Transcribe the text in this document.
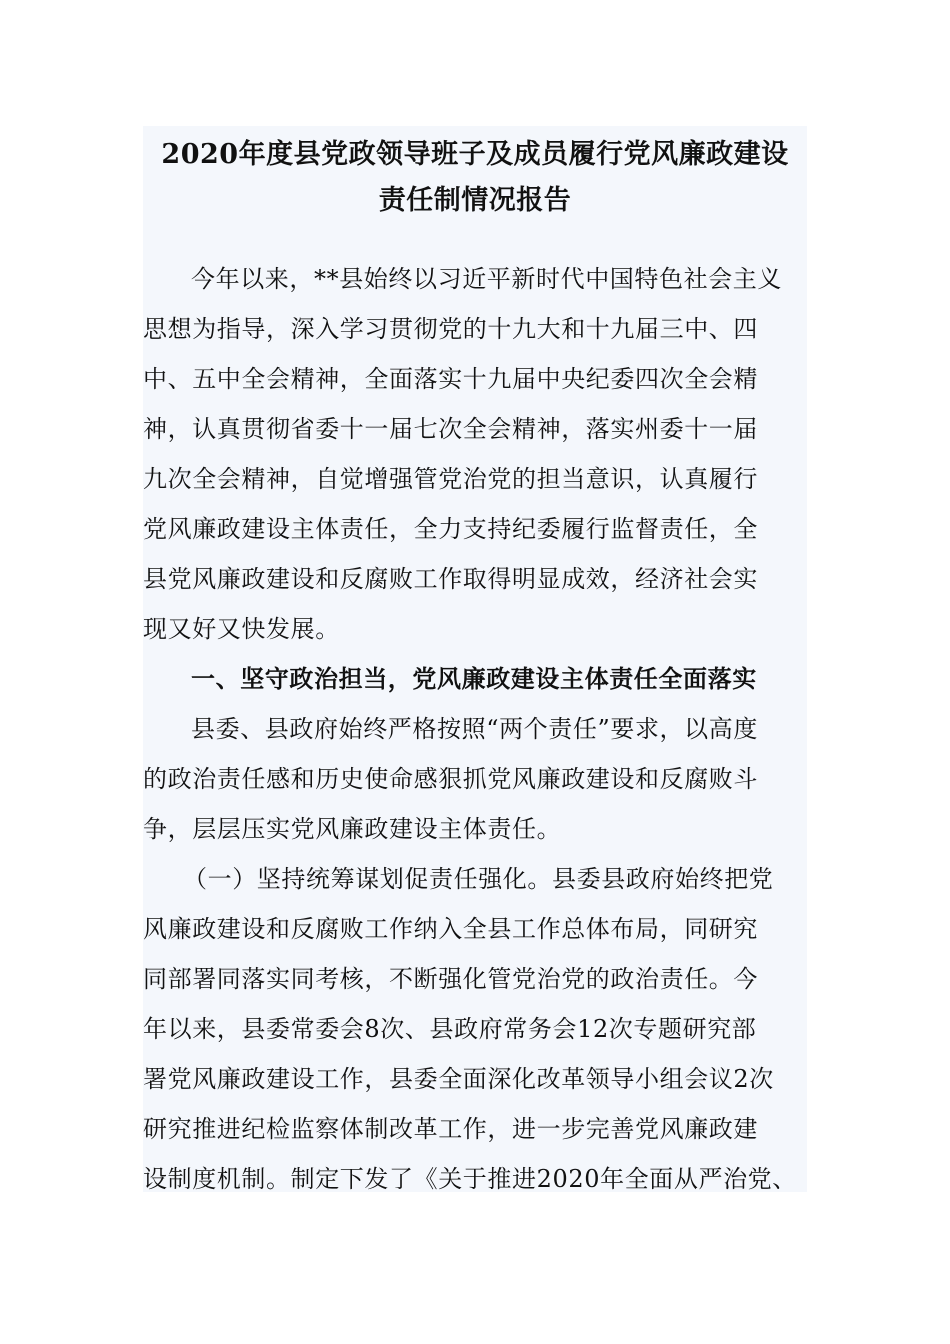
2020年度县党政领导班子及成员履行党风廉政建设
责任制情况报告
今年以来，**县始终以习近平新时代中国特色社会主义
思想为指导，深入学习贯彻党的十九大和十九届三中、四
中、五中全会精神，全面落实十九届中央纪委四次全会精
神，认真贯彻省委十一届七次全会精神，落实州委十一届
九次全会精神，自觉增强管党治党的担当意识，认真履行
党风廉政建设主体责任，全力支持纪委履行监督责任，全
县党风廉政建设和反腐败工作取得明显成效，经济社会实
现又好又快发展。
一、坚守政治担当，党风廉政建设主体责任全面落实
县委、县政府始终严格按照“两个责任”要求，以高度
的政治责任感和历史使命感狠抓党风廉政建设和反腐败斗
争，层层压实党风廉政建设主体责任。
（一）坚持统筹谋划促责任强化。县委县政府始终把党
风廉政建设和反腐败工作纳入全县工作总体布局，同研究
同部署同落实同考核，不断强化管党治党的政治责任。今
年以来，县委常委会8次、县政府常务会12次专题研究部
署党风廉政建设工作，县委全面深化改革领导小组会议2次
研究推进纪检监察体制改革工作，进一步完善党风廉政建
设制度机制。制定下发了《关于推进2020年全面从严治党、
